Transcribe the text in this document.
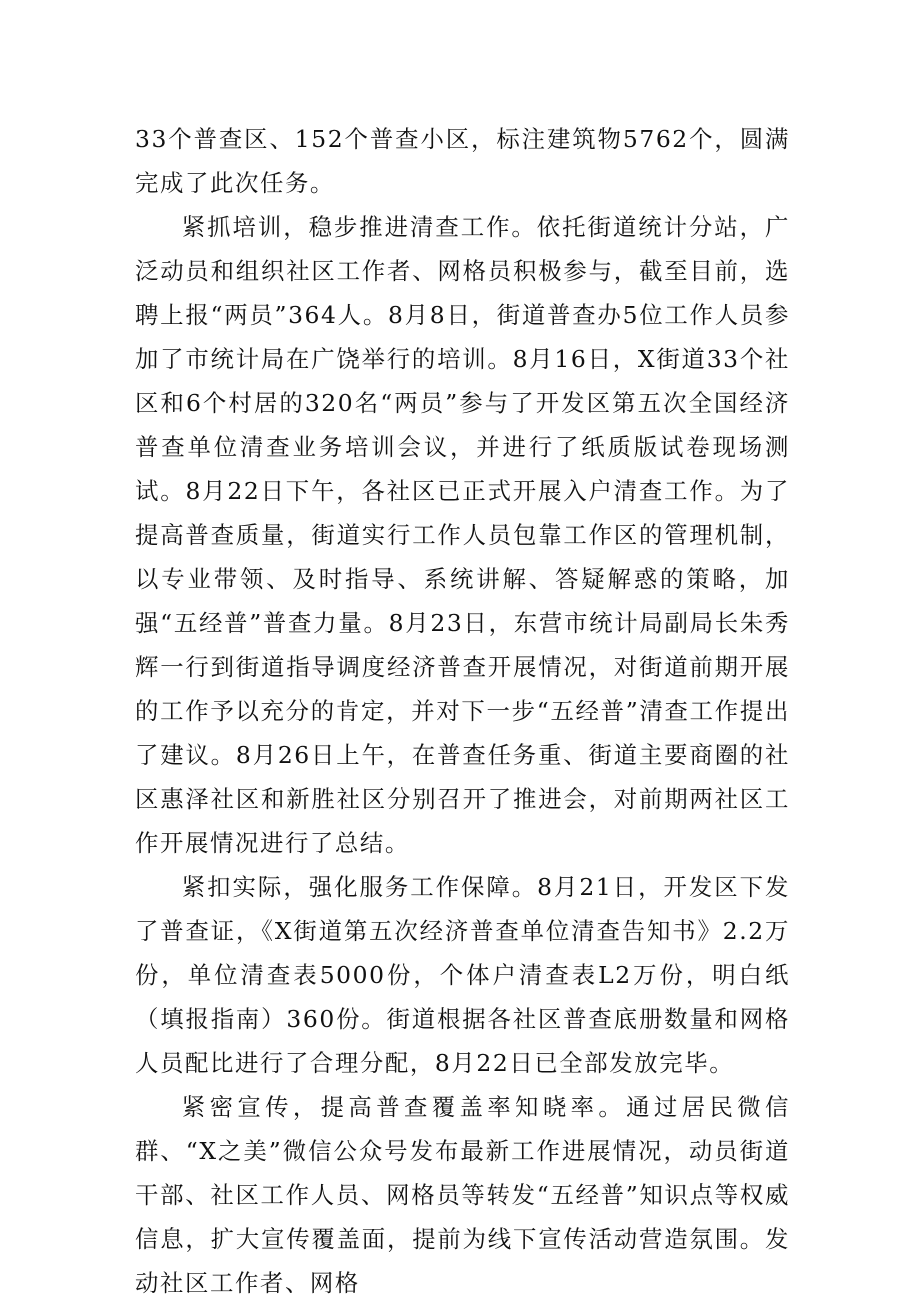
33个普查区、152个普查小区，标注建筑物5762个，圆满完成了此次任务。

紧抓培训，稳步推进清查工作。依托街道统计分站，广泛动员和组织社区工作者、网格员积极参与，截至目前，选聘上报“两员”364人。8月8日，街道普查办5位工作人员参加了市统计局在广饶举行的培训。8月16日，X街道33个社区和6个村居的320名“两员”参与了开发区第五次全国经济普查单位清查业务培训会议，并进行了纸质版试卷现场测试。8月22日下午，各社区已正式开展入户清查工作。为了提高普查质量，街道实行工作人员包靠工作区的管理机制，以专业带领、及时指导、系统讲解、答疑解惑的策略，加强“五经普”普查力量。8月23日，东营市统计局副局长朱秀辉一行到街道指导调度经济普查开展情况，对街道前期开展的工作予以充分的肯定，并对下一步“五经普”清查工作提出了建议。8月26日上午，在普查任务重、街道主要商圈的社区惠泽社区和新胜社区分别召开了推进会，对前期两社区工作开展情况进行了总结。

紧扣实际，强化服务工作保障。8月21日，开发区下发了普查证，《X街道第五次经济普查单位清查告知书》2.2万份，单位清查表5000份，个体户清查表L2万份，明白纸（填报指南）360份。街道根据各社区普查底册数量和网格人员配比进行了合理分配，8月22日已全部发放完毕。

紧密宣传，提高普查覆盖率知晓率。通过居民微信群、“X之美”微信公众号发布最新工作进展情况，动员街道干部、社区工作人员、网格员等转发“五经普”知识点等权威信息，扩大宣传覆盖面，提前为线下宣传活动营造氛围。发动社区工作者、网格
